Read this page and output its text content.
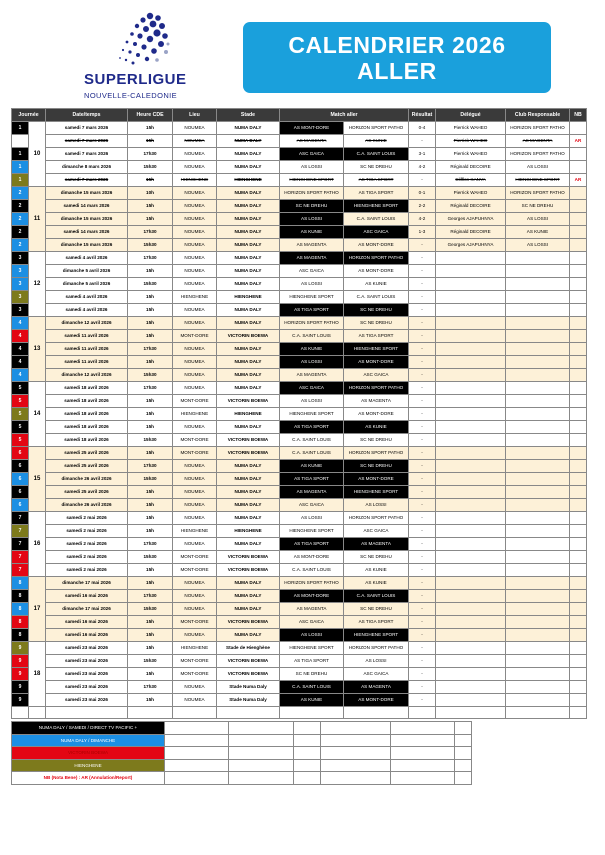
SUPERLIGUE
NOUVELLE-CALEDONIE
CALENDRIER 2026
ALLER
Journée		Date/temps	Heure CDE	Lieu	Stade	Match aller		Résultat	Délégué	Club Responsable	NB
1	10	samedi 7 mars 2026	15h	NOUMEA	NUMA DALY	AS MONT-DORE	HORIZON SPORT PATHO	0-4	Pierrick WAHEO	HORIZON SPORT PATHO	
1		samedi 7 mars 2026	15h	NOUMEA	NUMA DALY	AS MAGENTA	AS KUNIE	-	Pierrick WAHEO	AS MAGENTA	AR
1		samedi 7 mars 2026	17h30	NOUMEA	NUMA DALY	ASC GAICA	C.A. SAINT LOUIS	3-1	Pierrick WAHEO	HORIZON SPORT PATHO	
1		dimanche 8 mars 2026	15h30	NOUMEA	NUMA DALY	AS LOSSI	SC NE DREHU	4-2	Réginald DECOIRE	AS LOSSI	
1		samedi 7 mars 2026	15h	HIENGHENE	HIENGHENE	HIENGHENE SPORT	AS TIGA SPORT	-	Clifflon KANYA	HIENGHENE SPORT	AR
2	11	dimanche 15 mars 2026	10h	NOUMEA	NUMA DALY	HORIZON SPORT PATHO	AS TIGA SPORT	0-1	Pierrick WAHEO	HORIZON SPORT PATHO	
2		samedi 14 mars 2026	15h	NOUMEA	NUMA DALY	SC NE DREHU	HIENGHENE SPORT	2-2	Réginald DECOIRE	SC NE DREHU	
2		dimanche 15 mars 2026	15h	NOUMEA	NUMA DALY	AS LOSSI	C.A. SAINT LOUIS	4-2	Georges AJAPUHNYA	AS LOSSI	
2		samedi 14 mars 2026	17h30	NOUMEA	NUMA DALY	AS KUNIE	ASC GAICA	1-3	Réginald DECOIRE	AS KUNIE	
2		dimanche 15 mars 2026	15h30	NOUMEA	NUMA DALY	AS MAGENTA	AS MONT-DORE	-	Georges AJAPUHNYA	AS LOSSI	
3	12	samedi 4 avril 2026	17h30	NOUMEA	NUMA DALY	AS MAGENTA	HORIZON SPORT PATHO	-			
3		dimanche 5 avril 2026	15h	NOUMEA	NUMA DALY	ASC GAICA	AS MONT-DORE	-			
3		dimanche 5 avril 2026	15h30	NOUMEA	NUMA DALY	AS LOSSI	AS KUNIE	-			
3		samedi 4 avril 2026	15h	HIENGHENE	HIENGHENE	HIENGHENE SPORT	C.A. SAINT LOUIS	-			
3		samedi 4 avril 2026	15h	NOUMEA	NUMA DALY	AS TIGA SPORT	SC NE DREHU	-			
4	13	dimanche 12 avril 2026	15h	NOUMEA	NUMA DALY	HORIZON SPORT PATHO	SC NE DREHU	-			
4		samedi 11 avril 2026	15h	MONT-DORE	VICTORIN BOEWA	C.A. SAINT LOUIS	AS TIGA SPORT	-			
4		samedi 11 avril 2026	17h30	NOUMEA	NUMA DALY	AS KUNIE	HIENGHENE SPORT	-			
4		samedi 11 avril 2026	15h	NOUMEA	NUMA DALY	AS LOSSI	AS MONT-DORE	-			
4		dimanche 12 avril 2026	15h30	NOUMEA	NUMA DALY	AS MAGENTA	ASC GAICA	-			
5	14	samedi 18 avril 2026	17h30	NOUMEA	NUMA DALY	ASC GAICA	HORIZON SPORT PATHO	-			
5		samedi 18 avril 2026	15h	MONT-DORE	VICTORIN BOEWA	AS LOSSI	AS MAGENTA	-			
5		samedi 18 avril 2026	15h	HIENGHENE	HIENGHENE	HIENGHENE SPORT	AS MONT-DORE	-			
5		samedi 18 avril 2026	15h	NOUMEA	NUMA DALY	AS TIGA SPORT	AS KUNIE	-			
5		samedi 18 avril 2026	15h30	MONT-DORE	VICTORIN BOEWA	C.A. SAINT LOUIS	SC NE DREHU	-			
6	15	samedi 25 avril 2026	15h	MONT-DORE	VICTORIN BOEWA	C.A. SAINT LOUIS	HORIZON SPORT PATHO	-			
6		samedi 25 avril 2026	17h30	NOUMEA	NUMA DALY	AS KUNIE	SC NE DREHU	-			
6		dimanche 26 avril 2026	15h30	NOUMEA	NUMA DALY	AS TIGA SPORT	AS MONT-DORE	-			
6		samedi 25 avril 2026	15h	NOUMEA	NUMA DALY	AS MAGENTA	HIENGHENE SPORT	-			
6		dimanche 26 avril 2026	15h	NOUMEA	NUMA DALY	ASC GAICA	AS LOSSI	-			
7	16	samedi 2 mai 2026	15h	NOUMEA	NUMA DALY	AS LOSSI	HORIZON SPORT PATHO	-			
7		samedi 2 mai 2026	15h	HIENGHENE	HIENGHENE	HIENGHENE SPORT	ASC GAICA	-			
7		samedi 2 mai 2026	17h30	NOUMEA	NUMA DALY	AS TIGA SPORT	AS MAGENTA	-			
7		samedi 2 mai 2026	15h30	MONT-DORE	VICTORIN BOEWA	AS MONT-DORE	SC NE DREHU	-			
7		samedi 2 mai 2026	15h	MONT-DORE	VICTORIN BOEWA	C.A. SAINT LOUIS	AS KUNIE	-			
8	17	dimanche 17 mai 2026	15h	NOUMEA	NUMA DALY	HORIZON SPORT PATHO	AS KUNIE	-			
8		samedi 16 mai 2026	17h30	NOUMEA	NUMA DALY	AS MONT-DORE	C.A. SAINT LOUIS	-			
8		dimanche 17 mai 2026	15h30	NOUMEA	NUMA DALY	AS MAGENTA	SC NE DREHU	-			
8		samedi 16 mai 2026	15h	MONT-DORE	VICTORIN BOEWA	ASC GAICA	AS TIGA SPORT	-			
8		samedi 16 mai 2026	15h	NOUMEA	NUMA DALY	AS LOSSI	HIENGHENE SPORT	-			
9	18	samedi 23 mai 2026	15h	HIENGHENE	Stade de Hienghène	HIENGHENE SPORT	HORIZON SPORT PATHO	-			
9		samedi 23 mai 2026	15h30	MONT-DORE	VICTORIN BOEWA	AS TIGA SPORT	AS LOSSI	-			
9		samedi 23 mai 2026	15h	MONT-DORE	VICTORIN BOEWA	SC NE DREHU	ASC GAICA	-			
9		samedi 23 mai 2026	17h30	NOUMEA	Stade Numa Daly	C.A. SAINT LOUIS	AS MAGENTA	-			
9		samedi 23 mai 2026	15h	NOUMEA	Stade Numa Daly	AS KUNIE	AS MONT-DORE	-			

NUMA DALY / SAMEDI / DIRECT TV PACIFIC +						
NUMA DALY / DIMANCHE						
VICTORIN BOEWA						
HIENGHENE						
NB (Nota Bene) : AR (Annulation/Report)						
